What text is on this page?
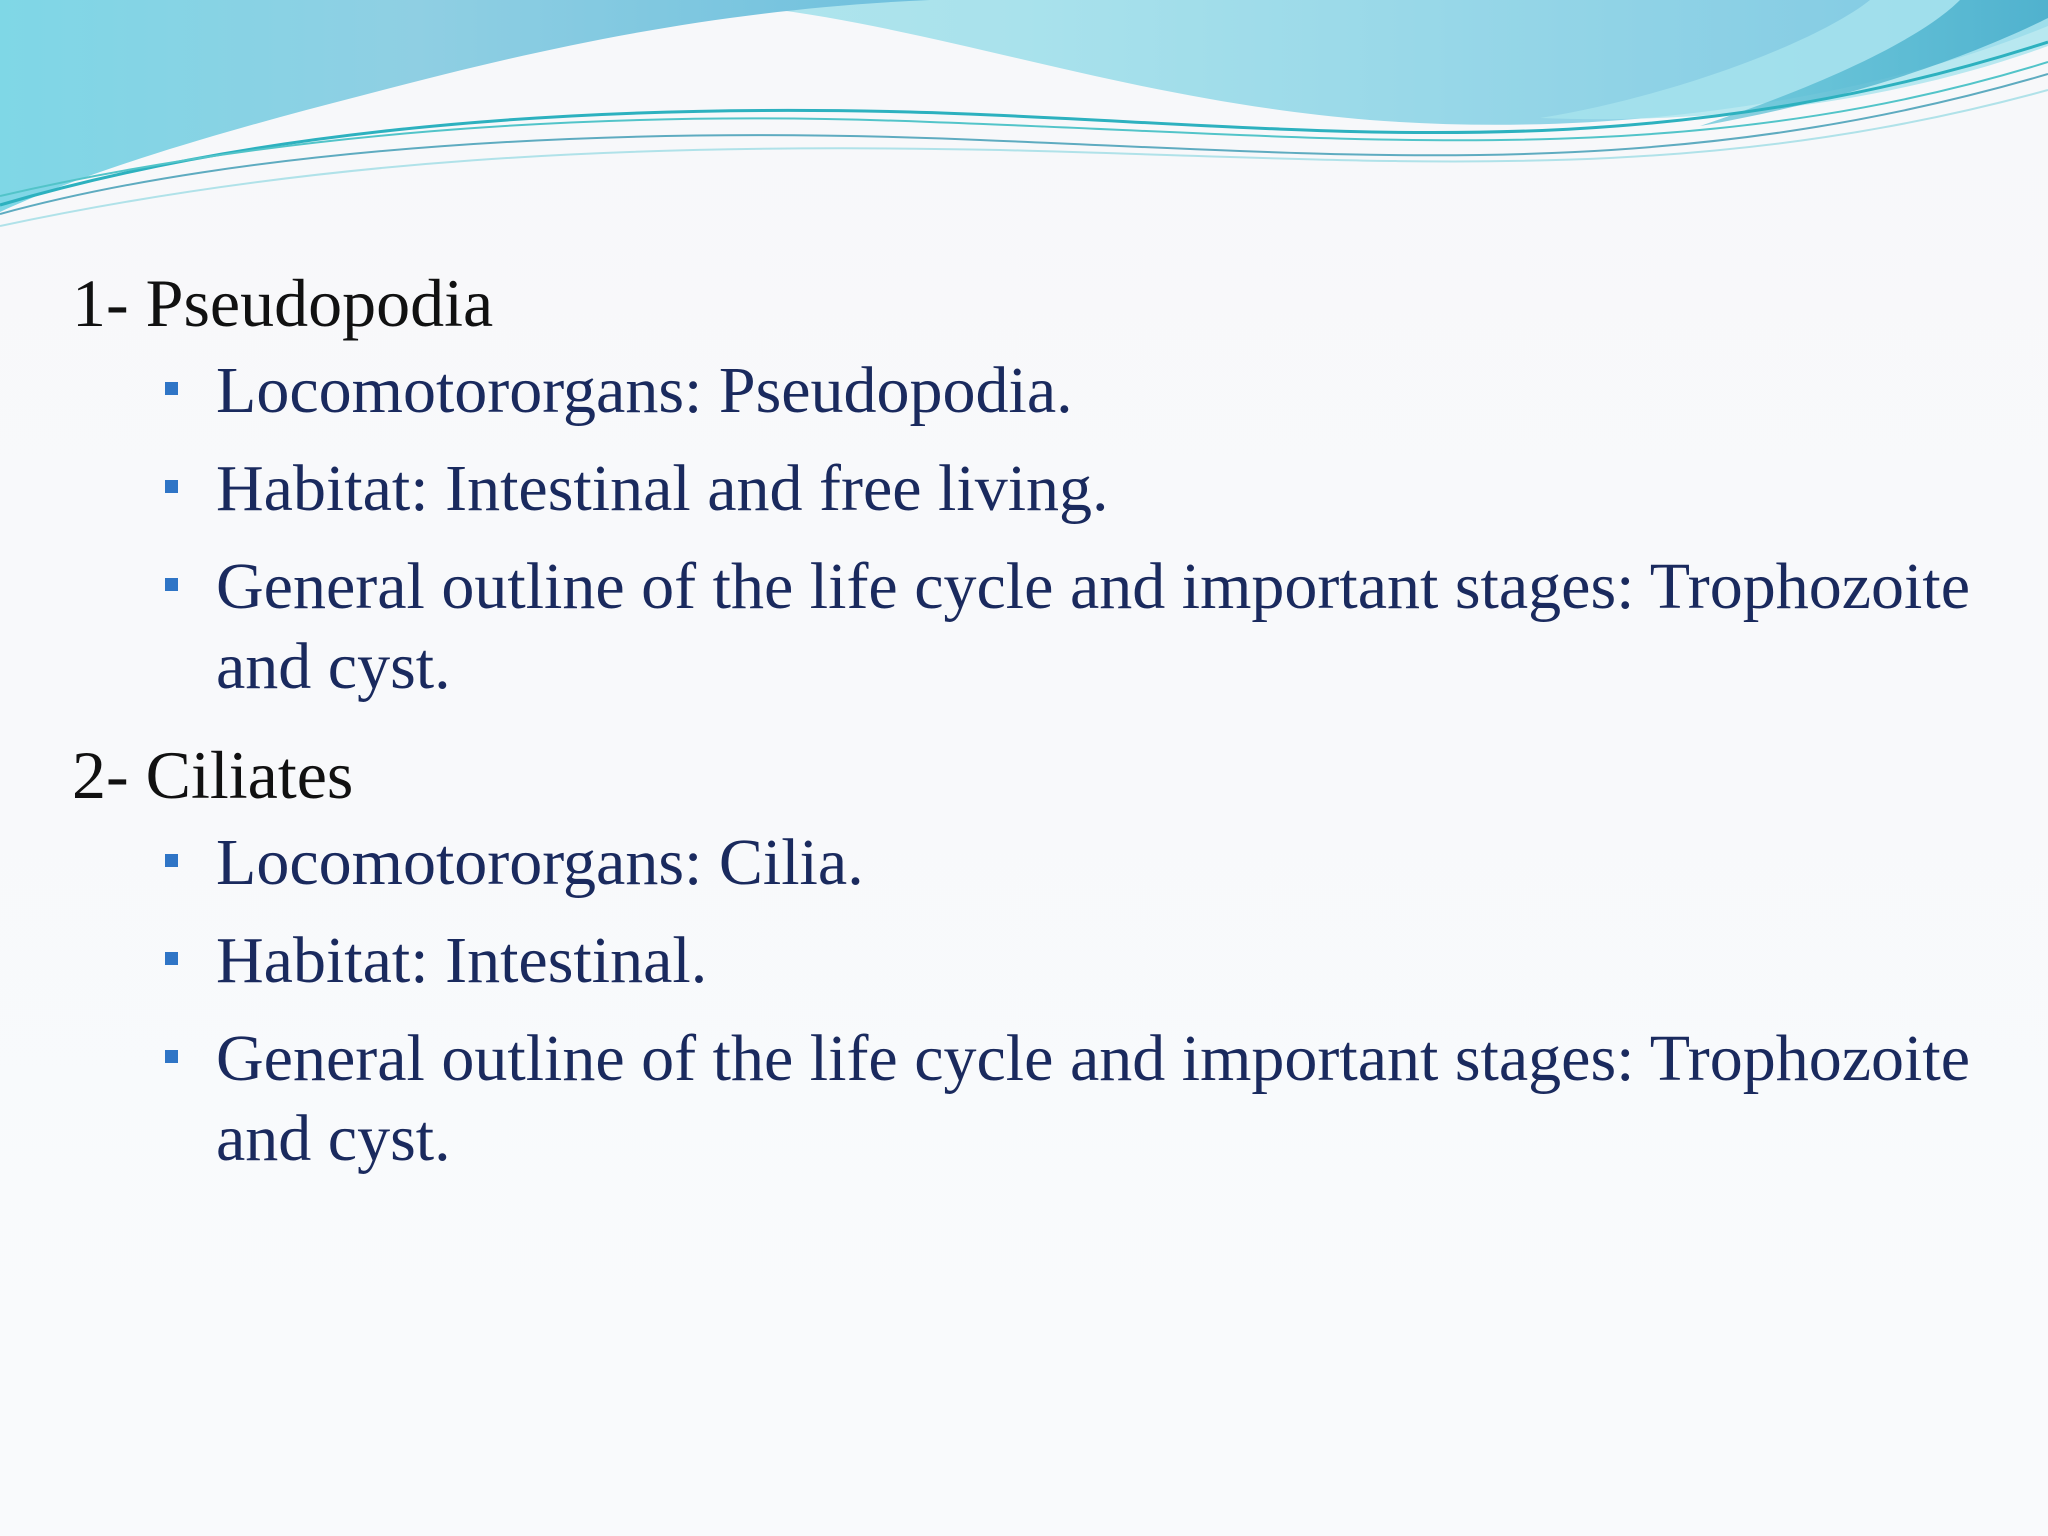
1- Pseudopodia
Locomotororgans: Pseudopodia.
Habitat: Intestinal and free living.
General outline of the life cycle and important stages: Trophozoite and cyst.
2- Ciliates
Locomotororgans: Cilia.
Habitat: Intestinal.
General outline of the life cycle and important stages: Trophozoite and cyst.
